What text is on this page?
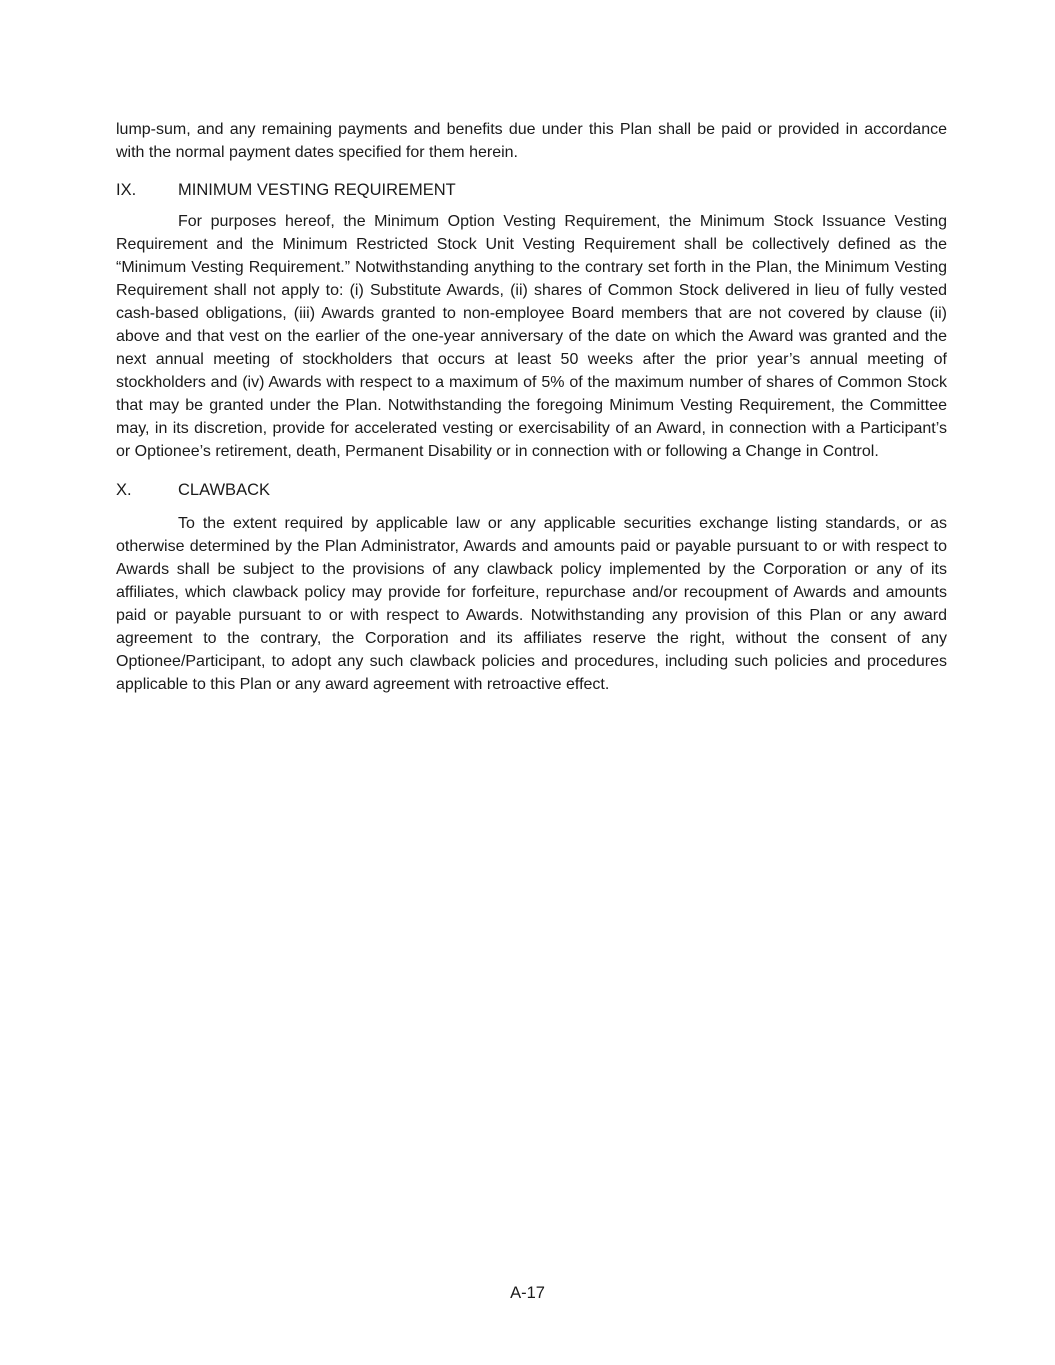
lump-sum, and any remaining payments and benefits due under this Plan shall be paid or provided in accordance with the normal payment dates specified for them herein.

IX.	MINIMUM VESTING REQUIREMENT

For purposes hereof, the Minimum Option Vesting Requirement, the Minimum Stock Issuance Vesting Requirement and the Minimum Restricted Stock Unit Vesting Requirement shall be collectively defined as the “Minimum Vesting Requirement.” Notwithstanding anything to the contrary set forth in the Plan, the Minimum Vesting Requirement shall not apply to: (i) Substitute Awards, (ii) shares of Common Stock delivered in lieu of fully vested cash-based obligations, (iii) Awards granted to non-employee Board members that are not covered by clause (ii) above and that vest on the earlier of the one-year anniversary of the date on which the Award was granted and the next annual meeting of stockholders that occurs at least 50 weeks after the prior year’s annual meeting of stockholders and (iv) Awards with respect to a maximum of 5% of the maximum number of shares of Common Stock that may be granted under the Plan. Notwithstanding the foregoing Minimum Vesting Requirement, the Committee may, in its discretion, provide for accelerated vesting or exercisability of an Award, in connection with a Participant’s or Optionee’s retirement, death, Permanent Disability or in connection with or following a Change in Control.

X.	CLAWBACK

To the extent required by applicable law or any applicable securities exchange listing standards, or as otherwise determined by the Plan Administrator, Awards and amounts paid or payable pursuant to or with respect to Awards shall be subject to the provisions of any clawback policy implemented by the Corporation or any of its affiliates, which clawback policy may provide for forfeiture, repurchase and/or recoupment of Awards and amounts paid or payable pursuant to or with respect to Awards. Notwithstanding any provision of this Plan or any award agreement to the contrary, the Corporation and its affiliates reserve the right, without the consent of any Optionee/Participant, to adopt any such clawback policies and procedures, including such policies and procedures applicable to this Plan or any award agreement with retroactive effect.

A-17
